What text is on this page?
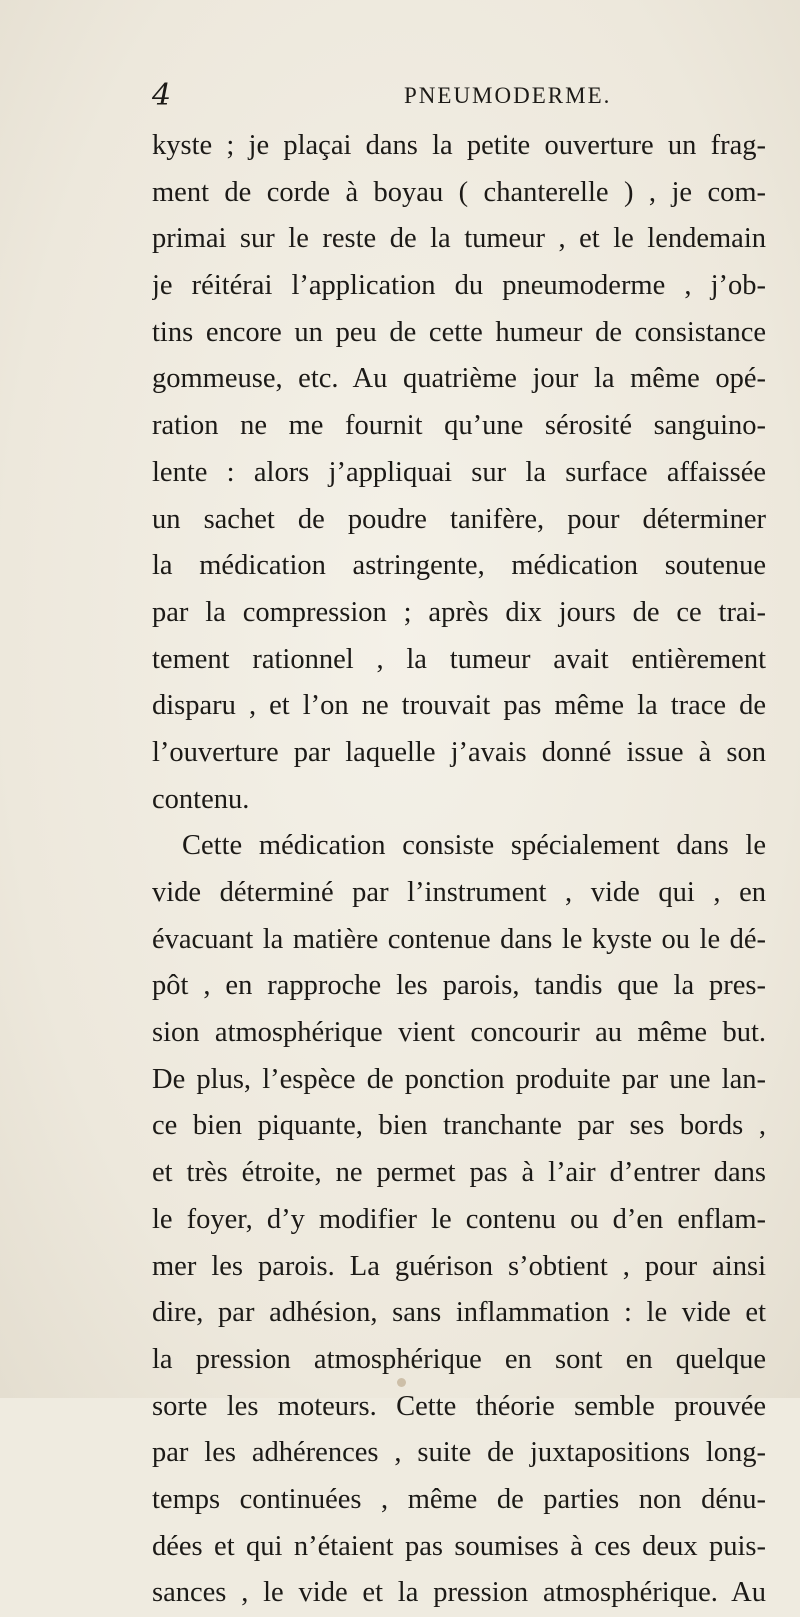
4	PNEUMODERME.
kyste ; je plaçai dans la petite ouverture un frag-
ment de corde à boyau ( chanterelle ) , je com-
primai sur le reste de la tumeur , et le lendemain
je réitérai l’application du pneumoderme , j’ob-
tins encore un peu de cette humeur de consistance
gommeuse, etc. Au quatrième jour la même opé-
ration ne me fournit qu’une sérosité sanguino-
lente : alors j’appliquai sur la surface affaissée
un sachet de poudre tanifère, pour déterminer
la médication astringente, médication soutenue
par la compression ; après dix jours de ce trai-
tement rationnel , la tumeur avait entièrement
disparu , et l’on ne trouvait pas même la trace de
l’ouverture par laquelle j’avais donné issue à son
contenu.
Cette médication consiste spécialement dans le
vide déterminé par l’instrument , vide qui , en
évacuant la matière contenue dans le kyste ou le dé-
pôt , en rapproche les parois, tandis que la pres-
sion atmosphérique vient concourir au même but.
De plus, l’espèce de ponction produite par une lan-
ce bien piquante, bien tranchante par ses bords ,
et très étroite, ne permet pas à l’air d’entrer dans
le foyer, d’y modifier le contenu ou d’en enflam-
mer les parois. La guérison s’obtient , pour ainsi
dire, par adhésion, sans inflammation : le vide et
la pression atmosphérique en sont en quelque
sorte les moteurs. Cette théorie semble prouvée
par les adhérences , suite de juxtapositions long-
temps continuées , même de parties non dénu-
dées et qui n’étaient pas soumises à ces deux puis-
sances , le vide et la pression atmosphérique. Au
